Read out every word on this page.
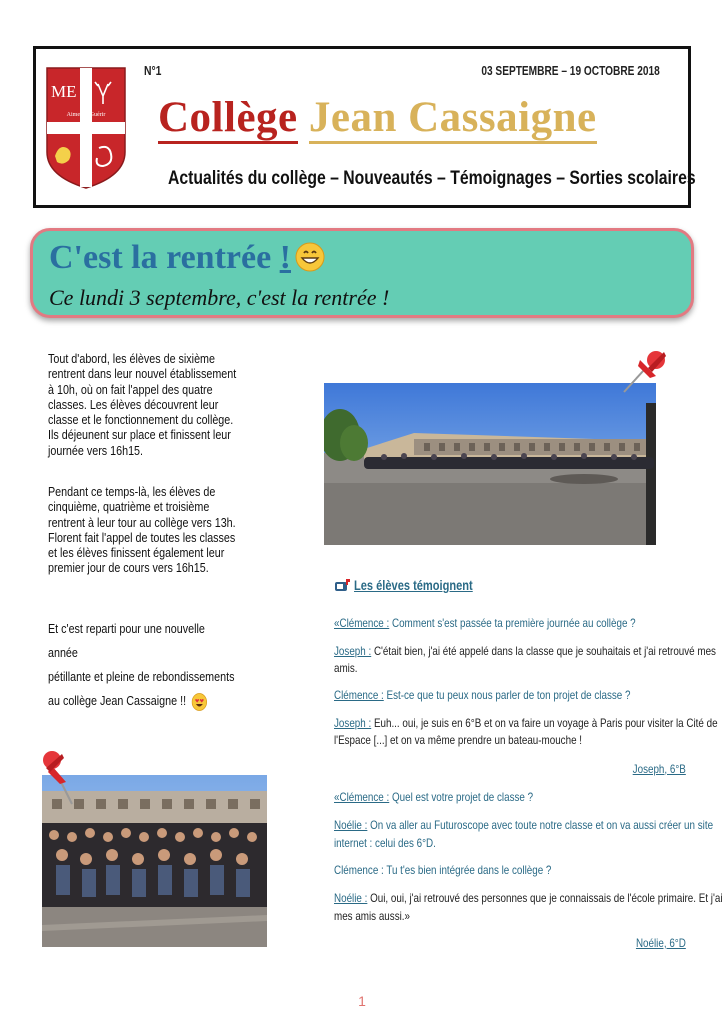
ME
Aimer & Guérir
N°1	03 SEPTEMBRE – 19 OCTOBRE 2018
Collège Jean Cassaigne
Actualités du collège – Nouveautés – Témoignages – Sorties scolaires
C'est la rentrée !
Ce lundi 3 septembre, c'est la rentrée !

Tout d'abord, les élèves de sixième

rentrent dans leur nouvel établissement

à 10h, où on fait l'appel des quatre

classes. Les élèves découvrent leur

classe et le fonctionnement du collège.

Ils déjeunent sur place et finissent leur

journée vers 16h15.

Pendant ce temps-là, les élèves de

cinquième, quatrième et troisième

rentrent à leur tour au collège vers 13h.

Florent fait l'appel de toutes les classes

et les élèves finissent également leur

premier jour de cours vers 16h15.

Et c'est reparti pour une nouvelle année

pétillante et pleine de rebondissements

au collège Jean Cassaigne !!

Les élèves témoignent
«Clémence : Comment s'est passée ta première journée au collège ?
Joseph : C'était bien, j'ai été appelé dans la classe que je souhaitais et j'ai retrouvé mes
amis.
Clémence : Est-ce que tu peux nous parler de ton projet de classe ?
Joseph : Euh... oui, je suis en 6°B et on va faire un voyage à Paris pour visiter la Cité de
l'Espace [...] et on va même prendre un bateau-mouche !
Joseph, 6°B
«Clémence : Quel est votre projet de classe ?
Noélie : On va aller au Futuroscope avec toute notre classe et on va aussi créer un site
internet : celui des 6°D.
Clémence : Tu t'es bien intégrée dans le collège ?
Noélie : Oui, oui, j'ai retrouvé des personnes que je connaissais de l'école primaire. Et j'ai
mes amis aussi.»
Noélie, 6°D
1
